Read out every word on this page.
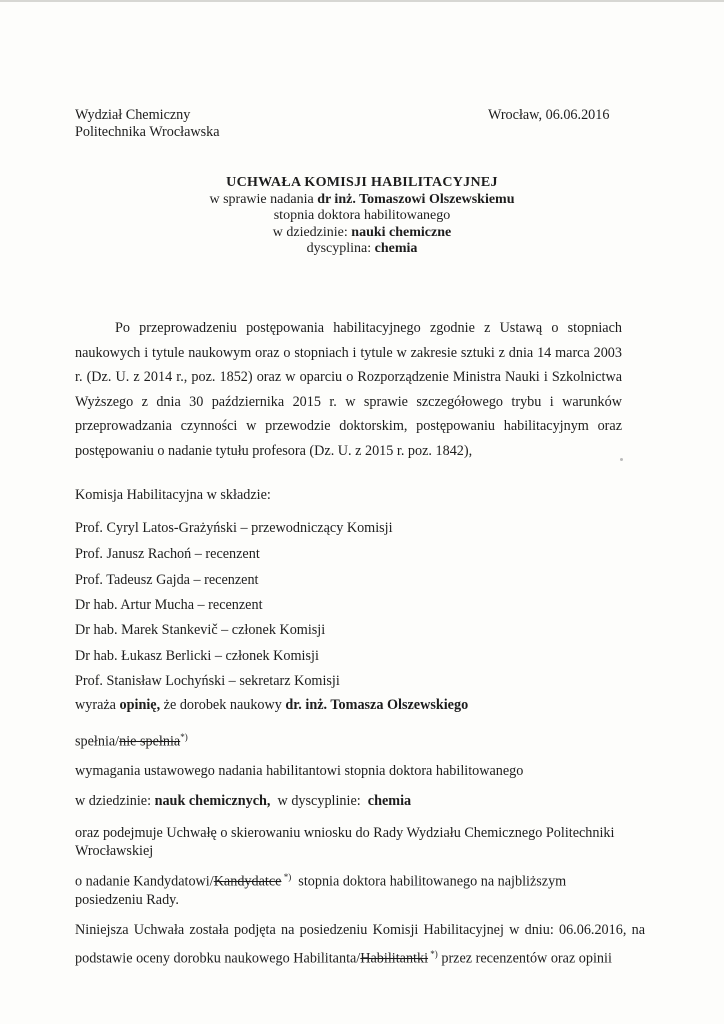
Wydział Chemiczny
Politechnika Wrocławska
Wrocław, 06.06.2016
UCHWAŁA KOMISJI HABILITACYJNEJ
w sprawie nadania dr inż. Tomaszowi Olszewskiemu
stopnia doktora habilitowanego
w dziedzinie: nauki chemiczne
dyscyplina: chemia
Po przeprowadzeniu postępowania habilitacyjnego zgodnie z Ustawą o stopniach naukowych i tytule naukowym oraz o stopniach i tytule w zakresie sztuki z dnia 14 marca 2003 r. (Dz. U. z 2014 r., poz. 1852) oraz w oparciu o Rozporządzenie Ministra Nauki i Szkolnictwa Wyższego z dnia 30 października 2015 r. w sprawie szczegółowego trybu i warunków przeprowadzania czynności w przewodzie doktorskim, postępowaniu habilitacyjnym oraz postępowaniu o nadanie tytułu profesora (Dz. U. z 2015 r. poz. 1842),
Komisja Habilitacyjna w składzie:
Prof. Cyryl Latos-Grażyński – przewodniczący Komisji
Prof. Janusz Rachoń – recenzent
Prof. Tadeusz Gajda – recenzent
Dr hab. Artur Mucha – recenzent
Dr hab. Marek Stankevič – członek Komisji
Dr hab. Łukasz Berlicki – członek Komisji
Prof. Stanisław Lochyński – sekretarz Komisji
wyraża opinię, że dorobek naukowy dr. inż. Tomasza Olszewskiego
spełnia/nie spełnia*)
wymagania ustawowego nadania habilitantowi stopnia doktora habilitowanego
w dziedzinie: nauk chemicznych,  w dyscyplinie:  chemia
oraz podejmuje Uchwałę o skierowaniu wniosku do Rady Wydziału Chemicznego Politechniki Wrocławskiej
o nadanie Kandydatowi/Kandydatce *)  stopnia doktora habilitowanego na najbliższym posiedzeniu Rady.
Niniejsza Uchwała została podjęta na posiedzeniu Komisji Habilitacyjnej w dniu: 06.06.2016, na podstawie oceny dorobku naukowego Habilitanta/Habilitantki *) przez recenzentów oraz opinii
